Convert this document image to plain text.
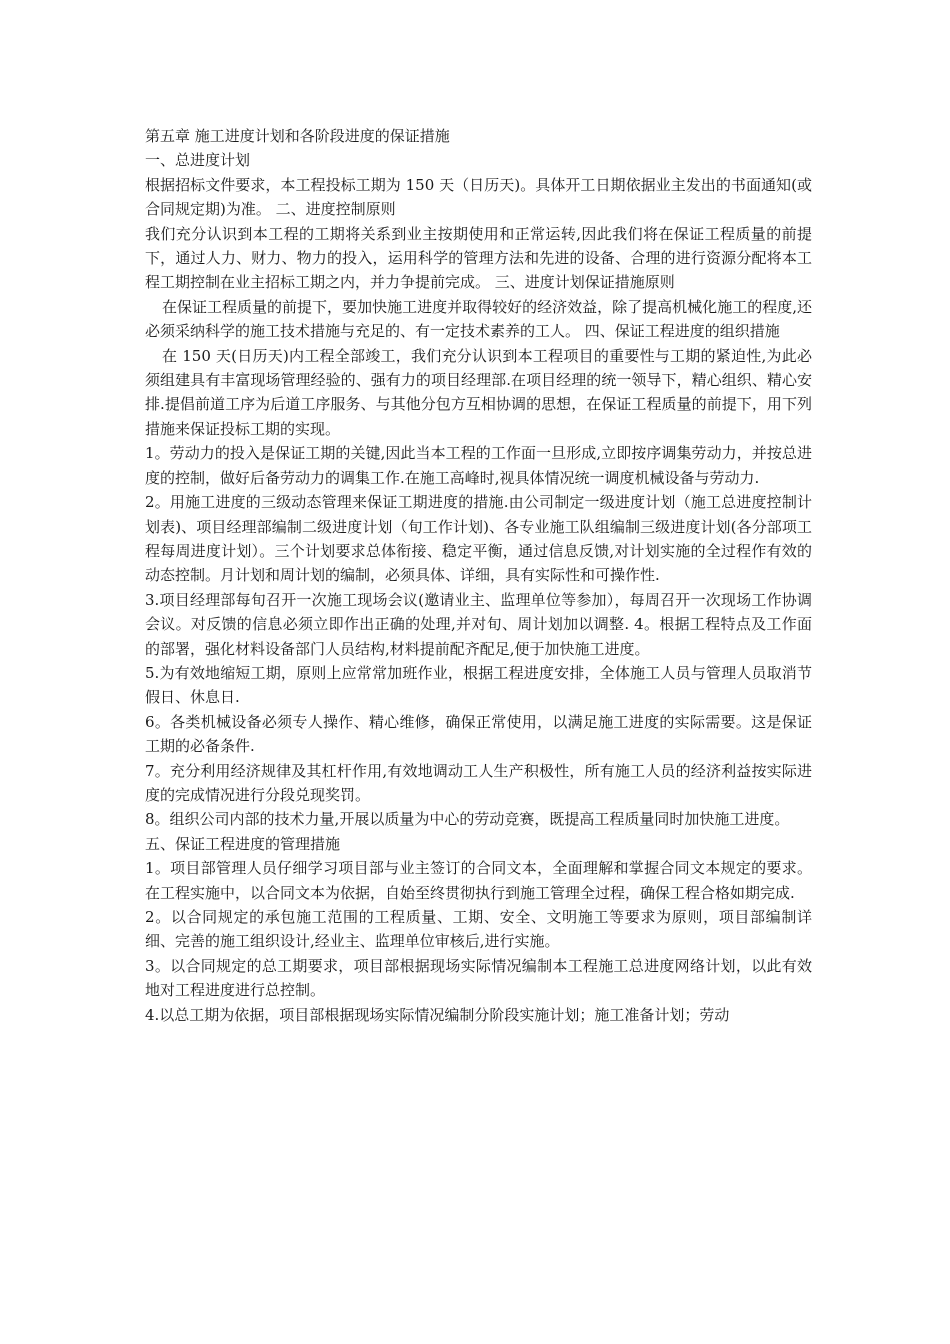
第五章 施工进度计划和各阶段进度的保证措施

一、总进度计划

根据招标文件要求，本工程投标工期为 150 天（日历天)。具体开工日期依据业主发出的书面通知(或合同规定期)为准。 二、进度控制原则

我们充分认识到本工程的工期将关系到业主按期使用和正常运转,因此我们将在保证工程质量的前提下，通过人力、财力、物力的投入，运用科学的管理方法和先进的设备、合理的进行资源分配将本工程工期控制在业主招标工期之内，并力争提前完成。 三、进度计划保证措施原则

在保证工程质量的前提下，要加快施工进度并取得较好的经济效益，除了提高机械化施工的程度,还必须采纳科学的施工技术措施与充足的、有一定技术素养的工人。 四、保证工程进度的组织措施

在 150 天(日历天)内工程全部竣工，我们充分认识到本工程项目的重要性与工期的紧迫性,为此必须组建具有丰富现场管理经验的、强有力的项目经理部.在项目经理的统一领导下，精心组织、精心安排.提倡前道工序为后道工序服务、与其他分包方互相协调的思想，在保证工程质量的前提下，用下列措施来保证投标工期的实现。

1。劳动力的投入是保证工期的关键,因此当本工程的工作面一旦形成,立即按序调集劳动力，并按总进度的控制，做好后备劳动力的调集工作.在施工高峰时,视具体情况统一调度机械设备与劳动力.

2。用施工进度的三级动态管理来保证工期进度的措施.由公司制定一级进度计划（施工总进度控制计划表)、项目经理部编制二级进度计划（旬工作计划)、各专业施工队组编制三级进度计划(各分部项工程每周进度计划）。三个计划要求总体衔接、稳定平衡，通过信息反馈,对计划实施的全过程作有效的动态控制。月计划和周计划的编制，必须具体、详细，具有实际性和可操作性.

3.项目经理部每旬召开一次施工现场会议(邀请业主、监理单位等参加），每周召开一次现场工作协调会议。对反馈的信息必须立即作出正确的处理,并对旬、周计划加以调整. 4。根据工程特点及工作面的部署，强化材料设备部门人员结构,材料提前配齐配足,便于加快施工进度。

5.为有效地缩短工期，原则上应常常加班作业，根据工程进度安排，全体施工人员与管理人员取消节假日、休息日.

6。各类机械设备必须专人操作、精心维修，确保正常使用，以满足施工进度的实际需要。这是保证工期的必备条件.

7。充分利用经济规律及其杠杆作用,有效地调动工人生产积极性，所有施工人员的经济利益按实际进度的完成情况进行分段兑现奖罚。

8。组织公司内部的技术力量,开展以质量为中心的劳动竞赛，既提高工程质量同时加快施工进度。

五、保证工程进度的管理措施

1。项目部管理人员仔细学习项目部与业主签订的合同文本，全面理解和掌握合同文本规定的要求。在工程实施中，以合同文本为依据，自始至终贯彻执行到施工管理全过程，确保工程合格如期完成.

2。以合同规定的承包施工范围的工程质量、工期、安全、文明施工等要求为原则，项目部编制详细、完善的施工组织设计,经业主、监理单位审核后,进行实施。

3。以合同规定的总工期要求，项目部根据现场实际情况编制本工程施工总进度网络计划，以此有效地对工程进度进行总控制。

4.以总工期为依据，项目部根据现场实际情况编制分阶段实施计划；施工准备计划；劳动
